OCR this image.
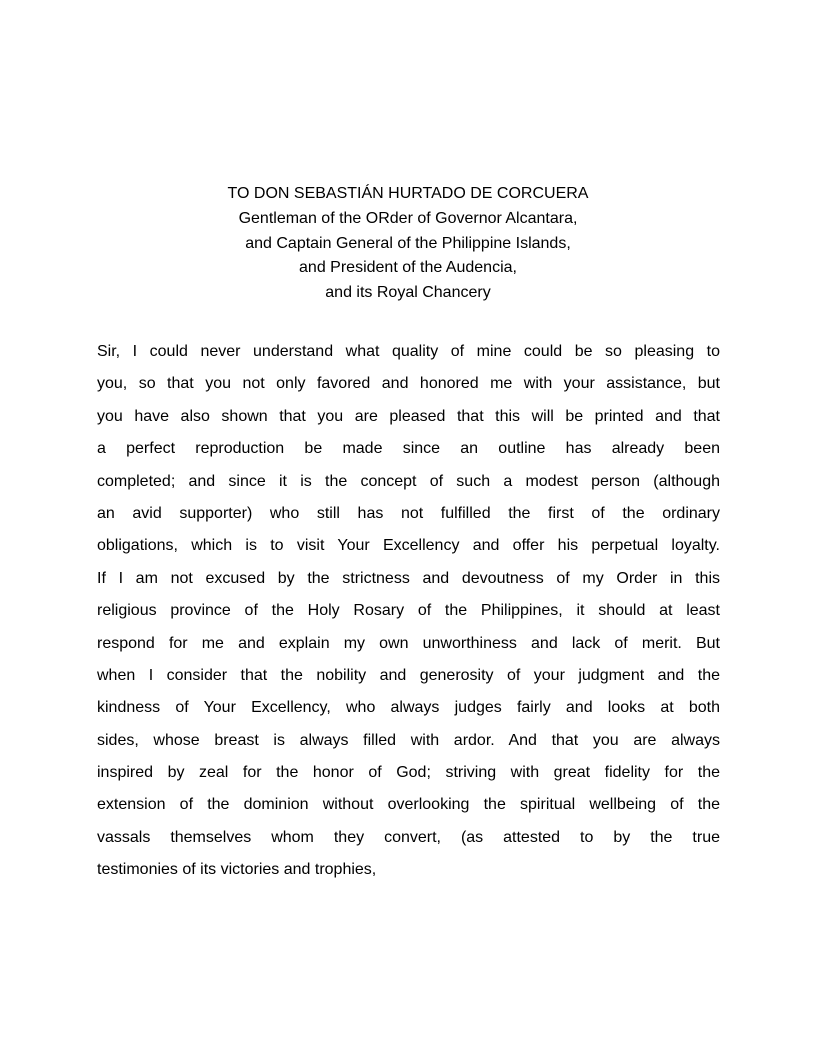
TO DON SEBASTIÁN HURTADO DE CORCUERA
Gentleman of the ORder of Governor Alcantara,
and Captain General of the Philippine Islands,
and President of the Audencia,
and its Royal Chancery
Sir, I could never understand what quality of mine could be so pleasing to
you, so that you not only favored and honored me with your assistance, but
you have also shown that you are pleased that this will be printed and that
a perfect reproduction be made since an outline has already been
completed; and since it is the concept of such a modest person (although
an avid supporter) who still has not fulfilled the first of the ordinary
obligations, which is to visit Your Excellency and offer his perpetual loyalty.
If I am not excused by the strictness and devoutness of my Order in this
religious province of the Holy Rosary of the Philippines, it should at least
respond for me and explain my own unworthiness and lack of merit. But
when I consider that the nobility and generosity of your judgment and the
kindness of Your Excellency, who always judges fairly and looks at both
sides, whose breast is always filled with ardor. And that you are always
inspired by zeal for the honor of God; striving with great fidelity for the
extension of the dominion without overlooking the spiritual wellbeing of the
vassals themselves whom they convert, (as attested to by the true
testimonies of its victories and trophies,
